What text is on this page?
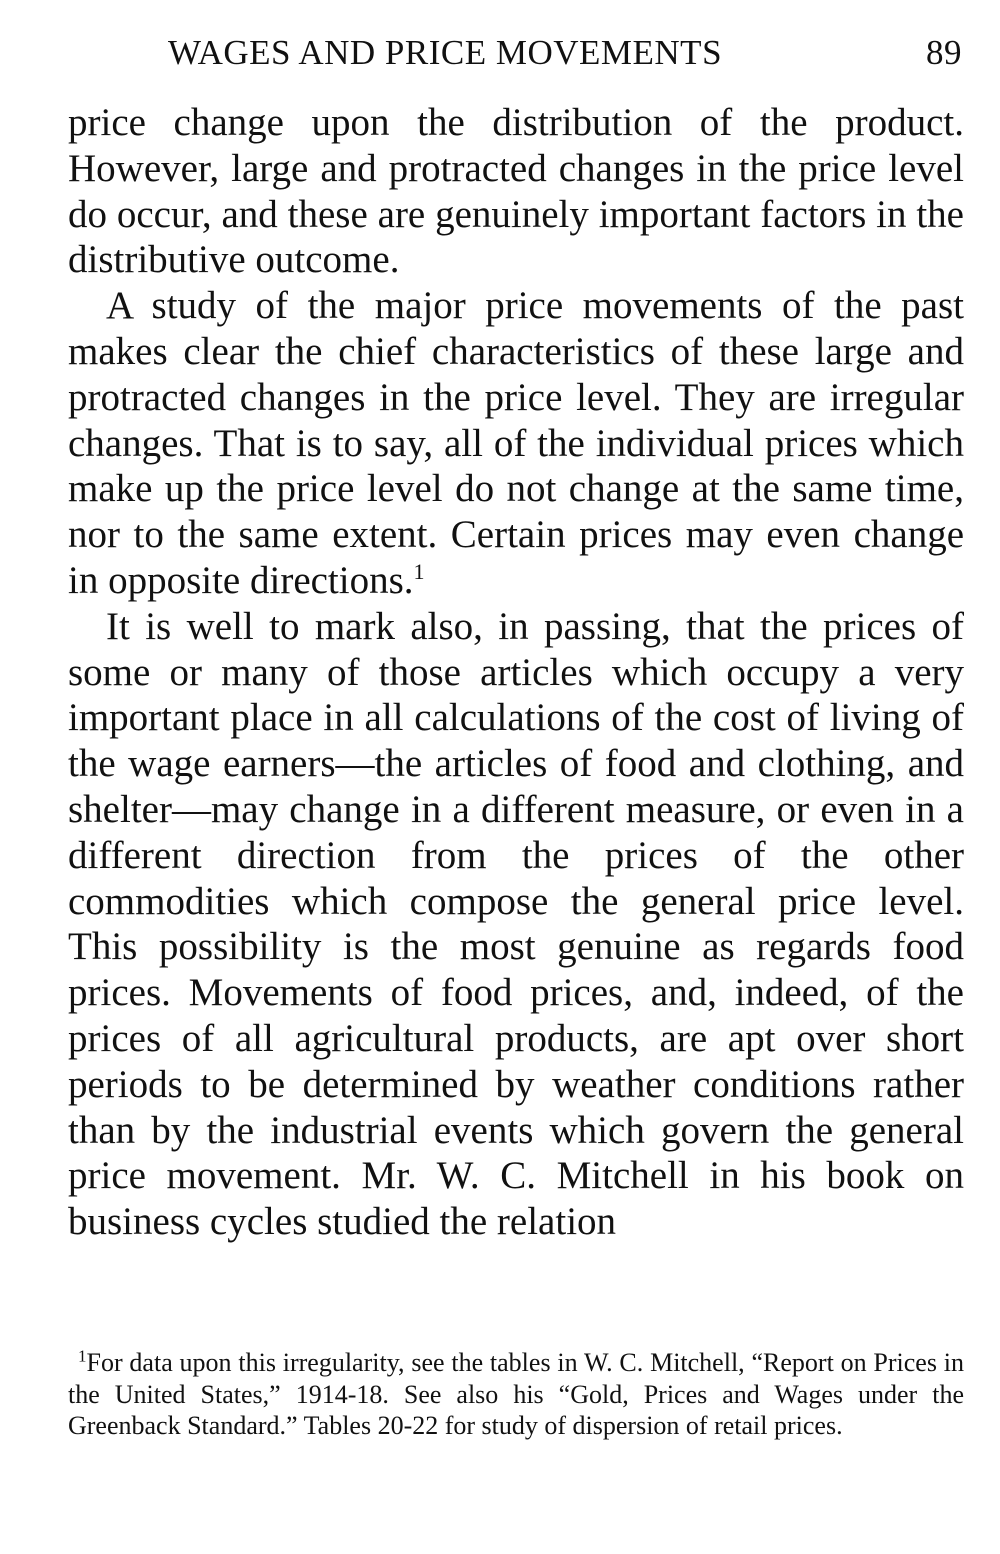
WAGES AND PRICE MOVEMENTS	89

price change upon the distribution of the product. However, large and protracted changes in the price level do occur, and these are genuinely important factors in the distributive outcome.

A study of the major price movements of the past makes clear the chief characteristics of these large and protracted changes in the price level. They are irregular changes. That is to say, all of the individual prices which make up the price level do not change at the same time, nor to the same extent. Certain prices may even change in opposite directions.$^1$

It is well to mark also, in passing, that the prices of some or many of those articles which occupy a very important place in all calculations of the cost of living of the wage earners—the articles of food and clothing, and shelter—may change in a different measure, or even in a different direction from the prices of the other commodities which compose the general price level. This possibility is the most genuine as regards food prices. Movements of food prices, and, indeed, of the prices of all agricultural products, are apt over short periods to be determined by weather conditions rather than by the industrial events which govern the general price movement. Mr. W. C. Mitchell in his book on business cycles studied the relation

$^1$For data upon this irregularity, see the tables in W. C. Mitchell, “Report on Prices in the United States,” 1914-18. See also his “Gold, Prices and Wages under the Greenback Standard.” Tables 20-22 for study of dispersion of retail prices.
